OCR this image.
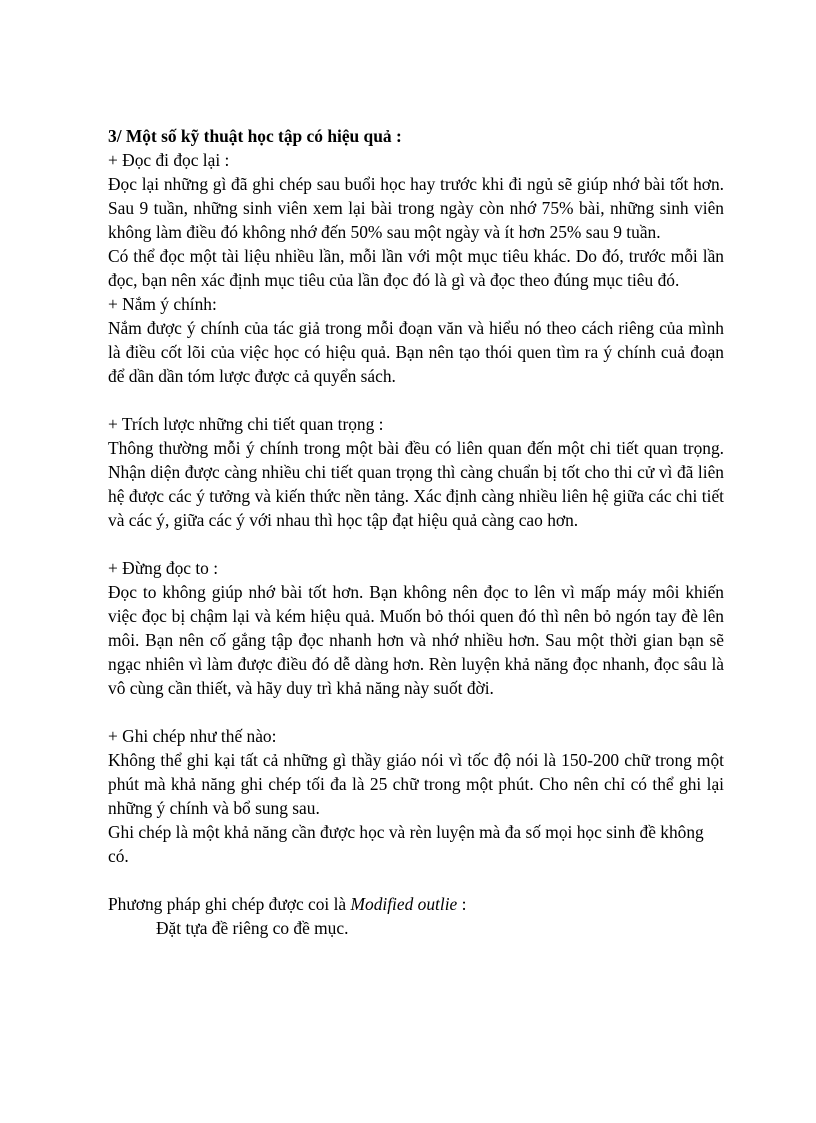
3/ Một số kỹ thuật học tập có hiệu quả :

+ Đọc đi đọc lại :

Đọc lại những gì đã ghi chép sau buổi học hay trước khi đi ngủ sẽ giúp nhớ bài tốt hơn. Sau 9 tuần, những sinh viên xem lại bài trong ngày còn nhớ 75% bài, những sinh viên không làm điều đó không nhớ đến 50% sau một ngày và ít hơn 25% sau 9 tuần.

Có thể đọc một tài liệu nhiều lần, mỗi lần với một mục tiêu khác. Do đó, trước mỗi lần đọc, bạn nên xác định mục tiêu của lần đọc đó là gì và đọc theo đúng mục tiêu đó.

+ Nắm ý chính:

Nắm được ý chính của tác giả trong mỗi đoạn văn và hiểu nó theo cách riêng của mình là điều cốt lõi của việc học có hiệu quả. Bạn nên tạo thói quen tìm ra ý chính cuả đoạn để dần dần tóm lược được cả quyển sách.

+ Trích lược những chi tiết quan trọng :

Thông thường mỗi ý chính trong một bài đều có liên quan đến một chi tiết quan trọng. Nhận diện được càng nhiều chi tiết quan trọng thì càng chuẩn bị tốt cho thi cử vì đã liên hệ được các ý tưởng và kiến thức nền tảng. Xác định càng nhiều liên hệ giữa các chi tiết và các ý, giữa các ý với nhau thì học tập đạt hiệu quả càng cao hơn.

+ Đừng đọc to :

Đọc to không giúp nhớ bài tốt hơn. Bạn không nên đọc to lên vì mấp máy môi khiến việc đọc bị chậm lại và kém hiệu quả. Muốn bỏ thói quen đó thì nên bỏ ngón tay đè lên môi. Bạn nên cố gắng tập đọc nhanh hơn và nhớ nhiều hơn. Sau một thời gian bạn sẽ ngạc nhiên vì làm được điều đó dễ dàng hơn. Rèn luyện khả năng đọc nhanh, đọc sâu là vô cùng cần thiết, và hãy duy trì khả năng này suốt đời.

+ Ghi chép như thế nào:

Không thể ghi kại tất cả những gì thầy giáo nói vì tốc độ nói là 150-200 chữ trong một phút mà khả năng ghi chép tối đa là 25 chữ trong một phút. Cho nên chỉ có thể ghi lại những ý chính và bổ sung sau.

Ghi chép là một khả năng cần được học và rèn luyện mà đa số mọi học sinh đề không có.

Phương pháp ghi chép được coi là Modified outlie :

Đặt tựa đề riêng co đề mục.
